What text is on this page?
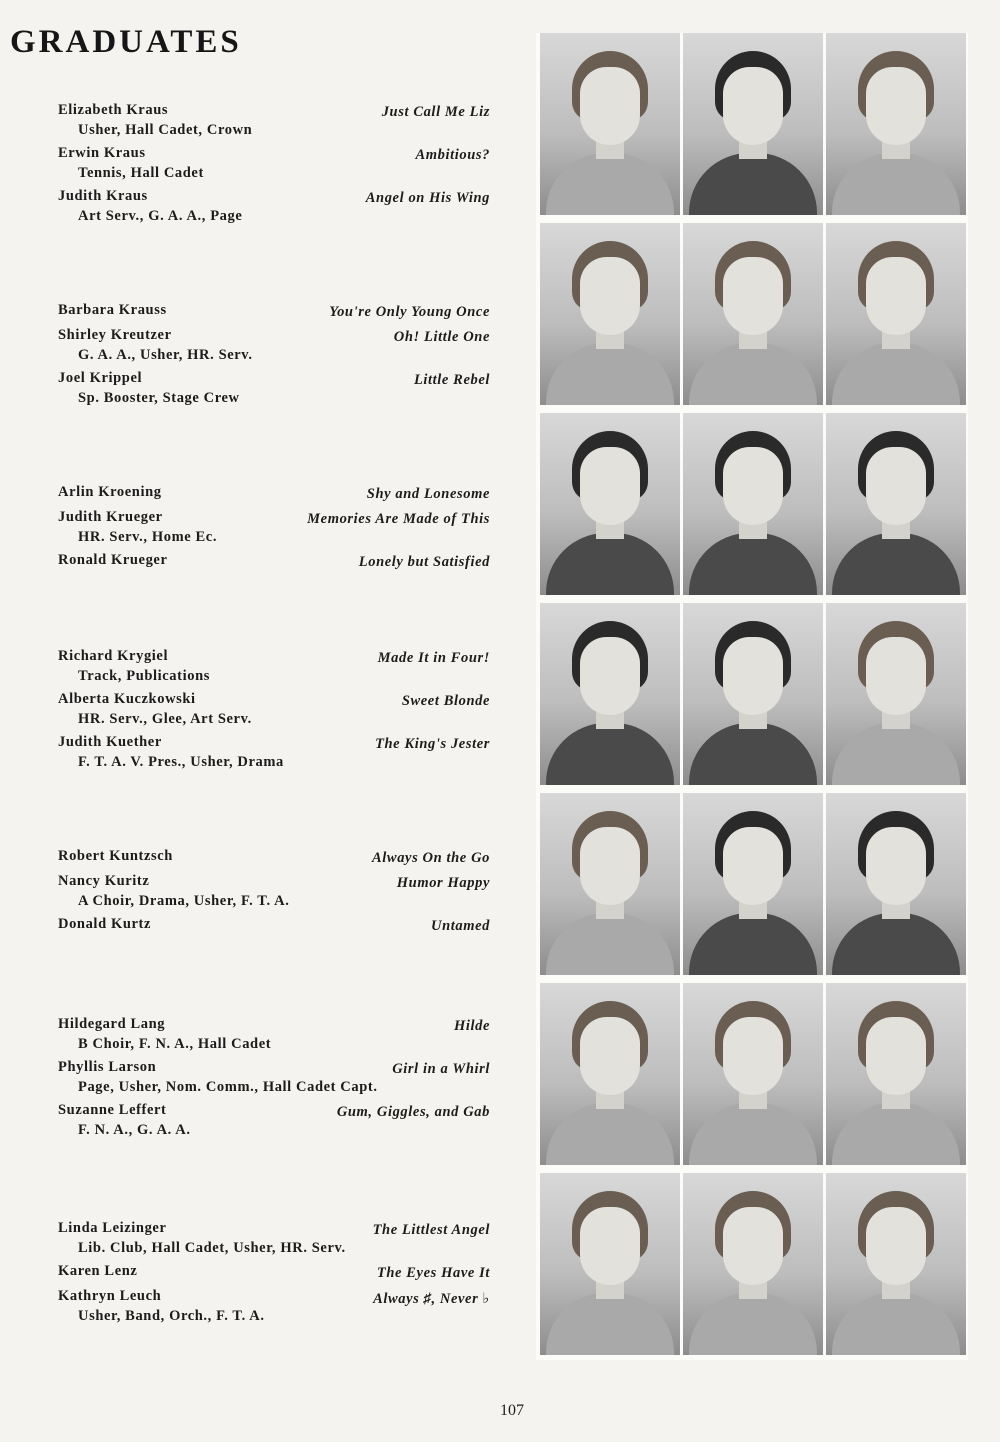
GRADUATES
Elizabeth Kraus	Just Call Me Liz
Usher, Hall Cadet, Crown
Erwin Kraus	Ambitious?
Tennis, Hall Cadet
Judith Kraus	Angel on His Wing
Art Serv., G. A. A., Page
Barbara Krauss	You're Only Young Once
Shirley Kreutzer	Oh! Little One
G. A. A., Usher, HR. Serv.
Joel Krippel	Little Rebel
Sp. Booster, Stage Crew
Arlin Kroening	Shy and Lonesome
Judith Krueger	Memories Are Made of This
HR. Serv., Home Ec.
Ronald Krueger	Lonely but Satisfied
Richard Krygiel	Made It in Four!
Track, Publications
Alberta Kuczkowski	Sweet Blonde
HR. Serv., Glee, Art Serv.
Judith Kuether	The King's Jester
F. T. A. V. Pres., Usher, Drama
Robert Kuntzsch	Always On the Go
Nancy Kuritz	Humor Happy
A Choir, Drama, Usher, F. T. A.
Donald Kurtz	Untamed
Hildegard Lang	Hilde
B Choir, F. N. A., Hall Cadet
Phyllis Larson	Girl in a Whirl
Page, Usher, Nom. Comm., Hall Cadet Capt.
Suzanne Leffert	Gum, Giggles, and Gab
F. N. A., G. A. A.
Linda Leizinger	The Littlest Angel
Lib. Club, Hall Cadet, Usher, HR. Serv.
Karen Lenz	The Eyes Have It
Kathryn Leuch	Always ♯, Never ♭
Usher, Band, Orch., F. T. A.
107
